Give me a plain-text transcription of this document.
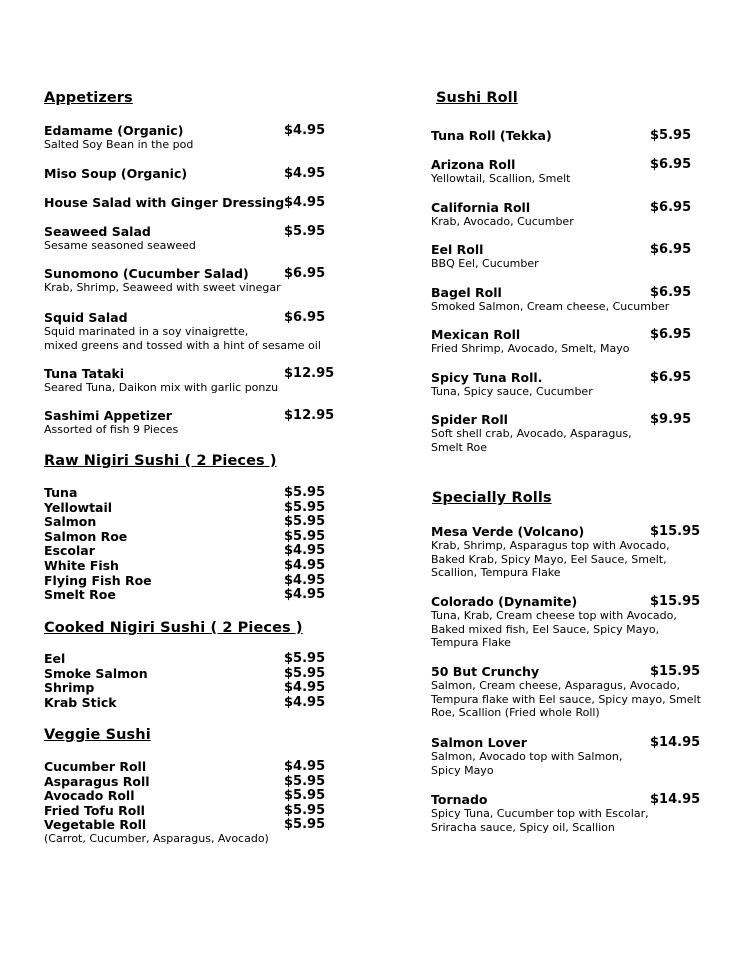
Appetizers
Edamame (Organic)	$4.95
Salted Soy Bean in the pod
Miso Soup (Organic)	$4.95
House Salad with Ginger Dressing $4.95
Seaweed Salad	$5.95
Sesame seasoned seaweed
Sunomono (Cucumber Salad)	$6.95
Krab, Shrimp, Seaweed with sweet vinegar
Squid Salad	$6.95
Squid marinated in a soy vinaigrette,
mixed greens and tossed with a hint of sesame oil
Tuna Tataki	$12.95
Seared Tuna, Daikon mix with garlic ponzu
Sashimi Appetizer	$12.95
Assorted of fish 9 Pieces
Raw Nigiri Sushi ( 2 Pieces )
Tuna	$5.95
Yellowtail	$5.95
Salmon	$5.95
Salmon Roe	$5.95
Escolar	$4.95
White Fish	$4.95
Flying Fish Roe	$4.95
Smelt Roe	$4.95
Cooked Nigiri Sushi ( 2 Pieces )
Eel	$5.95
Smoke Salmon	$5.95
Shrimp	$4.95
Krab Stick	$4.95
Veggie Sushi
Cucumber Roll	$4.95
Asparagus Roll	$5.95
Avocado Roll	$5.95
Fried Tofu Roll	$5.95
Vegetable Roll	$5.95
(Carrot, Cucumber, Asparagus, Avocado)
Sushi Roll
Tuna Roll (Tekka)	$5.95
Arizona Roll	$6.95
Yellowtail, Scallion, Smelt
California Roll	$6.95
Krab, Avocado, Cucumber
Eel Roll	$6.95
BBQ Eel, Cucumber
Bagel Roll	$6.95
Smoked Salmon, Cream cheese, Cucumber
Mexican Roll	$6.95
Fried Shrimp, Avocado, Smelt, Mayo
Spicy Tuna Roll.	$6.95
Tuna, Spicy sauce, Cucumber
Spider Roll	$9.95
Soft shell crab, Avocado, Asparagus,
Smelt Roe
Specially Rolls
Mesa Verde (Volcano)	$15.95
Krab, Shrimp, Asparagus top with Avocado,
Baked Krab, Spicy Mayo, Eel Sauce, Smelt,
Scallion, Tempura Flake
Colorado (Dynamite)	$15.95
Tuna, Krab, Cream cheese top with Avocado,
Baked mixed fish, Eel Sauce, Spicy Mayo,
Tempura Flake
50 But Crunchy	$15.95
Salmon, Cream cheese, Asparagus, Avocado,
Tempura flake with Eel sauce, Spicy mayo, Smelt
Roe, Scallion (Fried whole Roll)
Salmon Lover	$14.95
Salmon, Avocado top with Salmon,
Spicy Mayo
Tornado	$14.95
Spicy Tuna, Cucumber top with Escolar,
Sriracha sauce, Spicy oil, Scallion
